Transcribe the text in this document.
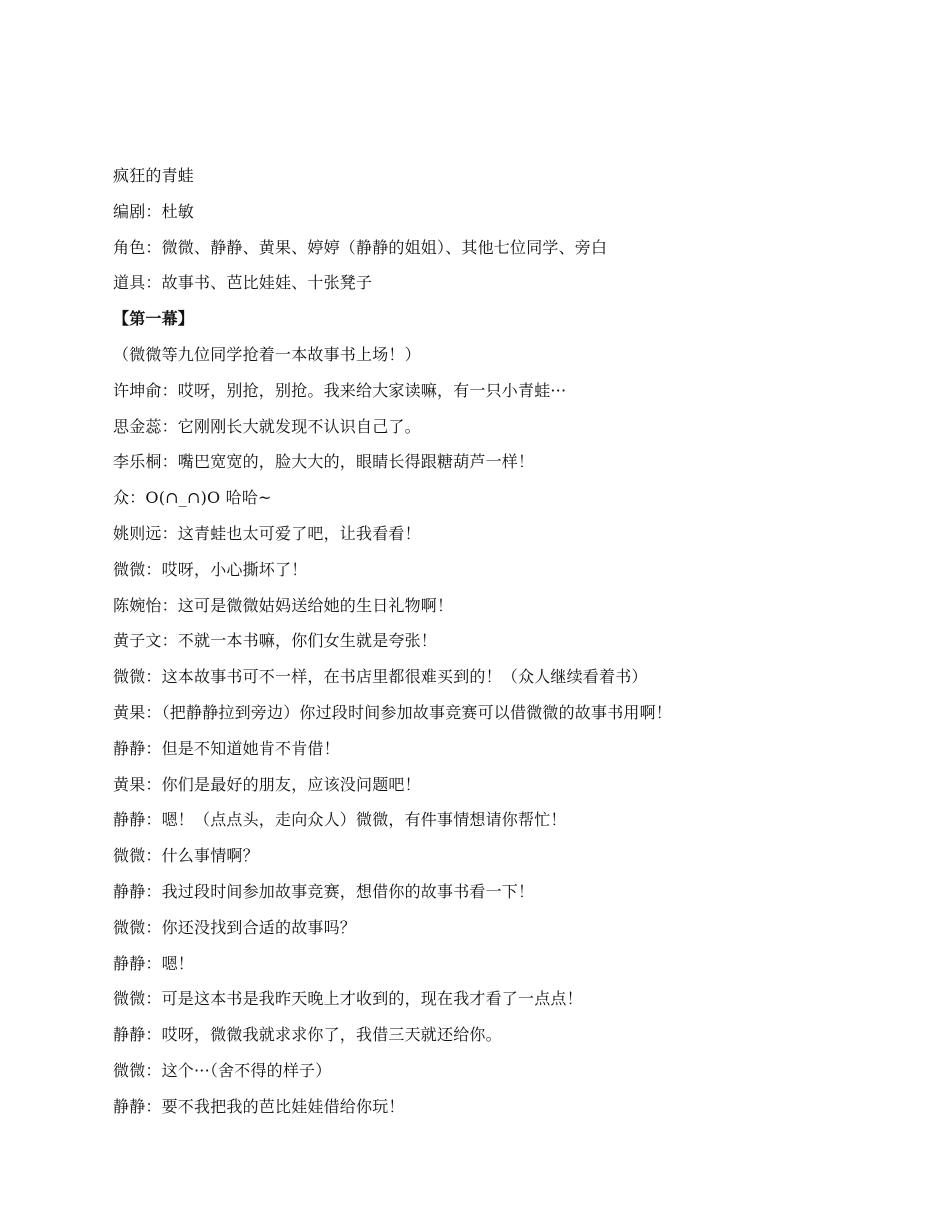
疯狂的青蛙
编剧：杜敏
角色：微微、静静、黄果、婷婷（静静的姐姐）、其他七位同学、旁白
道具：故事书、芭比娃娃、十张凳子
【第一幕】
（微微等九位同学抢着一本故事书上场！）
许坤俞：哎呀，别抢，别抢。我来给大家读嘛，有一只小青蛙···
思金蕊：它刚刚长大就发现不认识自己了。
李乐桐：嘴巴宽宽的，脸大大的，眼睛长得跟糖葫芦一样！
众：O(∩_∩)O 哈哈~
姚则远：这青蛙也太可爱了吧，让我看看！
微微：哎呀，小心撕坏了！
陈婉怡：这可是微微姑妈送给她的生日礼物啊！
黄子文：不就一本书嘛，你们女生就是夸张！
微微：这本故事书可不一样，在书店里都很难买到的！（众人继续看着书）
黄果：（把静静拉到旁边）你过段时间参加故事竞赛可以借微微的故事书用啊！
静静：但是不知道她肯不肯借！
黄果：你们是最好的朋友，应该没问题吧！
静静：嗯！（点点头，走向众人）微微，有件事情想请你帮忙！
微微：什么事情啊？
静静：我过段时间参加故事竞赛，想借你的故事书看一下！
微微：你还没找到合适的故事吗？
静静：嗯！
微微：可是这本书是我昨天晚上才收到的，现在我才看了一点点！
静静：哎呀，微微我就求求你了，我借三天就还给你。
微微：这个···（舍不得的样子）
静静：要不我把我的芭比娃娃借给你玩！
